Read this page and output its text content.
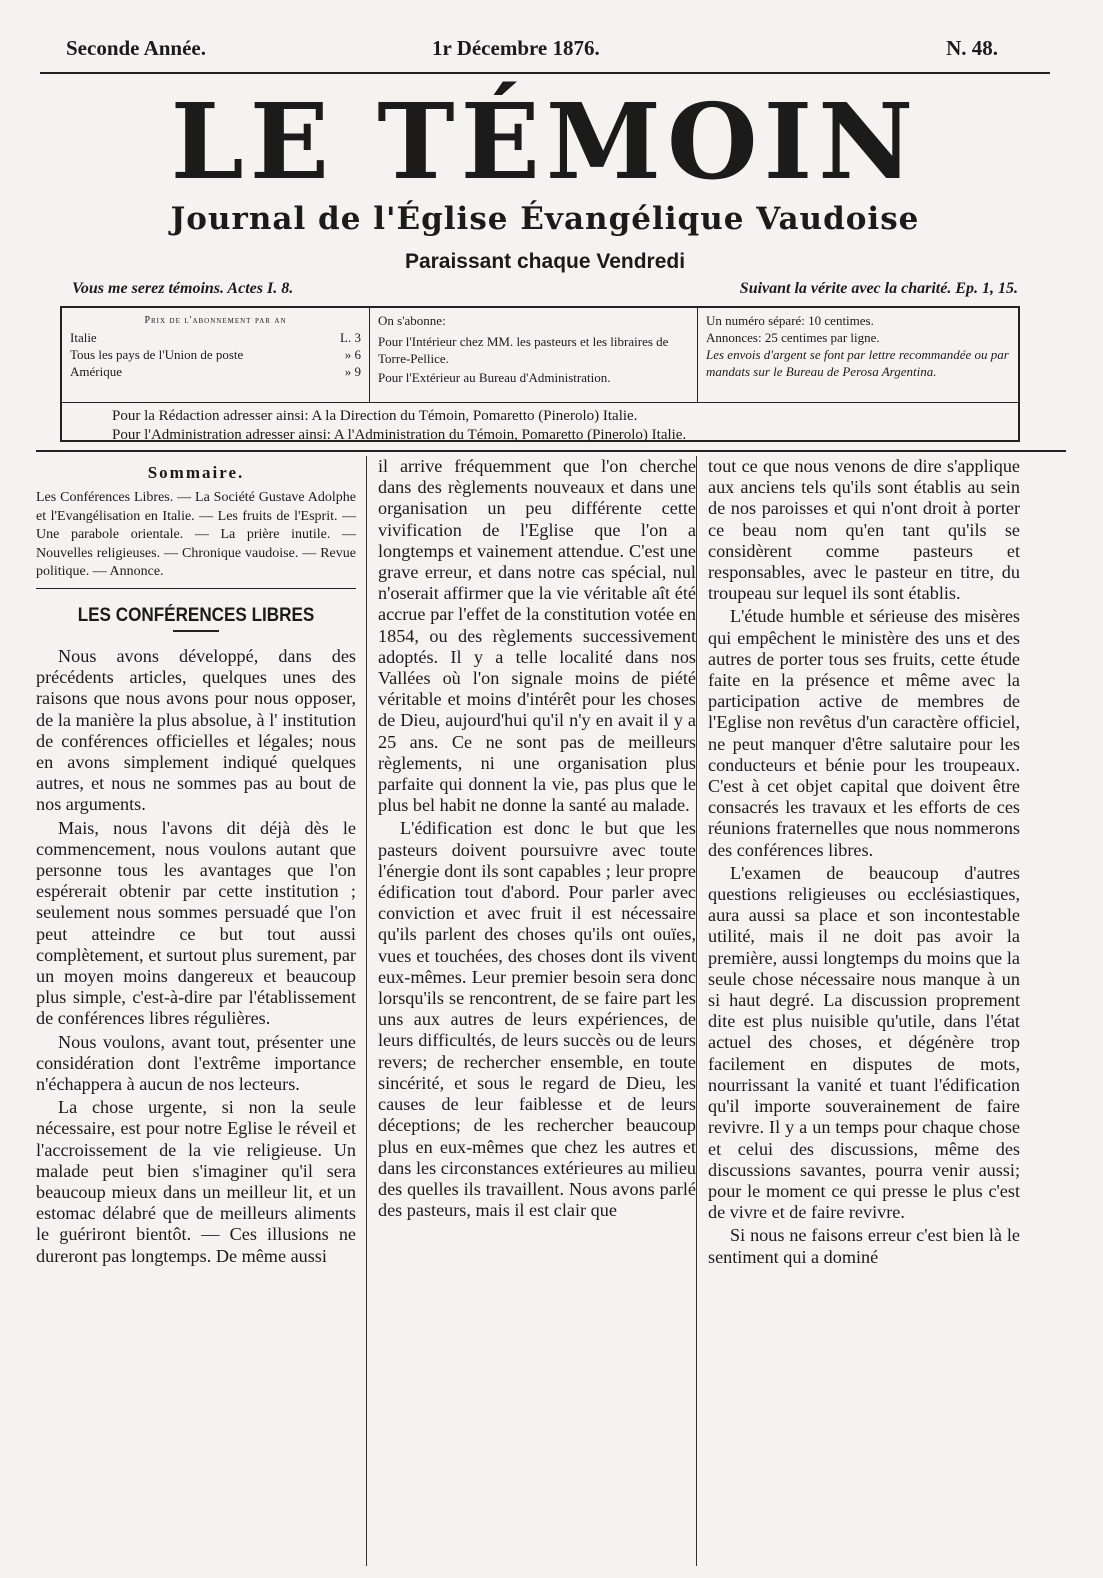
Seconde Année.	1r Décembre 1876.	N. 48.
LE TÉMOIN
Journal de l'Église Évangélique Vaudoise
Paraissant chaque Vendredi
Vous me serez témoins. Actes I. 8.	Suivant la vérite avec la charité. Ep. 1, 15.
Prix de l'abonnement par an
Italie	L. 3
Tous les pays de l'Union de poste	» 6
Amérique	» 9
On s'abonne:
Pour l'Intérieur chez MM. les pasteurs et les libraires de Torre-Pellice.
Pour l'Extérieur au Bureau d'Administration.
Un numéro séparé: 10 centimes.
Annonces: 25 centimes par ligne.
Les envois d'argent se font par lettre recommandée ou par mandats sur le Bureau de Perosa Argentina.
Pour la Rédaction adresser ainsi: A la Direction du Témoin, Pomaretto (Pinerolo) Italie.
Pour l'Administration adresser ainsi: A l'Administration du Témoin, Pomaretto (Pinerolo) Italie.
Sommaire.

Les Conférences Libres. — La Société Gustave Adolphe et l'Evangélisation en Italie. — Les fruits de l'Esprit. — Une parabole orientale. — La prière inutile. — Nouvelles religieuses. — Chronique vaudoise. — Revue politique. — Annonce.

LES CONFÉRENCES LIBRES

Nous avons développé, dans des précédents articles, quelques unes des raisons que nous avons pour nous opposer, de la manière la plus absolue, à l' institution de conférences officielles et légales; nous en avons simplement indiqué quelques autres, et nous ne sommes pas au bout de nos arguments.

Mais, nous l'avons dit déjà dès le commencement, nous voulons autant que personne tous les avantages que l'on espérerait obtenir par cette institution ; seulement nous sommes persuadé que l'on peut atteindre ce but tout aussi complètement, et surtout plus surement, par un moyen moins dangereux et beaucoup plus simple, c'est-à-dire par l'établissement de conférences libres régulières.

Nous voulons, avant tout, présenter une considération dont l'extrême importance n'échappera à aucun de nos lecteurs.

La chose urgente, si non la seule nécessaire, est pour notre Eglise le réveil et l'accroissement de la vie religieuse. Un malade peut bien s'imaginer qu'il sera beaucoup mieux dans un meilleur lit, et un estomac délabré que de meilleurs aliments le guériront bientôt. — Ces illusions ne dureront pas longtemps. De même aussi

il arrive fréquemment que l'on cherche dans des règlements nouveaux et dans une organisation un peu différente cette vivification de l'Eglise que l'on a longtemps et vainement attendue. C'est une grave erreur, et dans notre cas spécial, nul n'oserait affirmer que la vie véritable aît été accrue par l'effet de la constitution votée en 1854, ou des règlements successivement adoptés. Il y a telle localité dans nos Vallées où l'on signale moins de piété véritable et moins d'intérêt pour les choses de Dieu, aujourd'hui qu'il n'y en avait il y a 25 ans. Ce ne sont pas de meilleurs règlements, ni une organisation plus parfaite qui donnent la vie, pas plus que le plus bel habit ne donne la santé au malade.

L'édification est donc le but que les pasteurs doivent poursuivre avec toute l'énergie dont ils sont capables ; leur propre édification tout d'abord. Pour parler avec conviction et avec fruit il est nécessaire qu'ils parlent des choses qu'ils ont ouïes, vues et touchées, des choses dont ils vivent eux-mêmes. Leur premier besoin sera donc lorsqu'ils se rencontrent, de se faire part les uns aux autres de leurs expériences, de leurs difficultés, de leurs succès ou de leurs revers; de rechercher ensemble, en toute sincérité, et sous le regard de Dieu, les causes de leur faiblesse et de leurs déceptions; de les rechercher beaucoup plus en eux-mêmes que chez les autres et dans les circonstances extérieures au milieu des quelles ils travaillent. Nous avons parlé des pasteurs, mais il est clair que

tout ce que nous venons de dire s'applique aux anciens tels qu'ils sont établis au sein de nos paroisses et qui n'ont droit à porter ce beau nom qu'en tant qu'ils se considèrent comme pasteurs et responsables, avec le pasteur en titre, du troupeau sur lequel ils sont établis.

L'étude humble et sérieuse des misères qui empêchent le ministère des uns et des autres de porter tous ses fruits, cette étude faite en la présence et même avec la participation active de membres de l'Eglise non revêtus d'un caractère officiel, ne peut manquer d'être salutaire pour les conducteurs et bénie pour les troupeaux. C'est à cet objet capital que doivent être consacrés les travaux et les efforts de ces réunions fraternelles que nous nommerons des conférences libres.

L'examen de beaucoup d'autres questions religieuses ou ecclésiastiques, aura aussi sa place et son incontestable utilité, mais il ne doit pas avoir la première, aussi longtemps du moins que la seule chose nécessaire nous manque à un si haut degré. La discussion proprement dite est plus nuisible qu'utile, dans l'état actuel des choses, et dégénère trop facilement en disputes de mots, nourrissant la vanité et tuant l'édification qu'il importe souverainement de faire revivre. Il y a un temps pour chaque chose et celui des discussions, même des discussions savantes, pourra venir aussi; pour le moment ce qui presse le plus c'est de vivre et de faire revivre.

Si nous ne faisons erreur c'est bien là le sentiment qui a dominé
